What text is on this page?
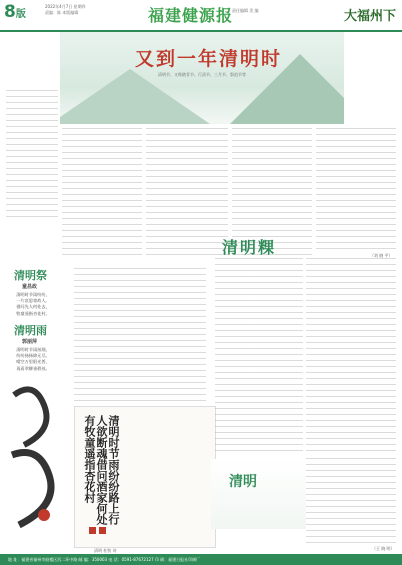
8版
2022年4月7日 星期四
责编：陈 本版编辑	福建健源报
责任编辑 美 编	大福州下
又到一年清明时
清明节，又称踏青节、行清节、三月节、祭祖节等
（刘 晓 平）
清明祭
童昌政
清明时节雨纷纷，
一片哀思寄故人。
借问先人何处去，
牧童遥指杏花村。
清明雨
郭丽萍
清明时节雨丝细，
纷纷扬扬绵无尽。
晴空万里阳光普，
再看翠柳垂碧丝。
清明时节雨纷纷路上行人欲断魂借问酒家何处有牧童遥指杏花村
清明 杜牧 诗
清明粿
清明
（王 晓 明）
地 址：福建省福州市鼓楼区西二环中路 邮 编：350003 电 话：0591-87672127 印 刷：福建日报社印刷厂
